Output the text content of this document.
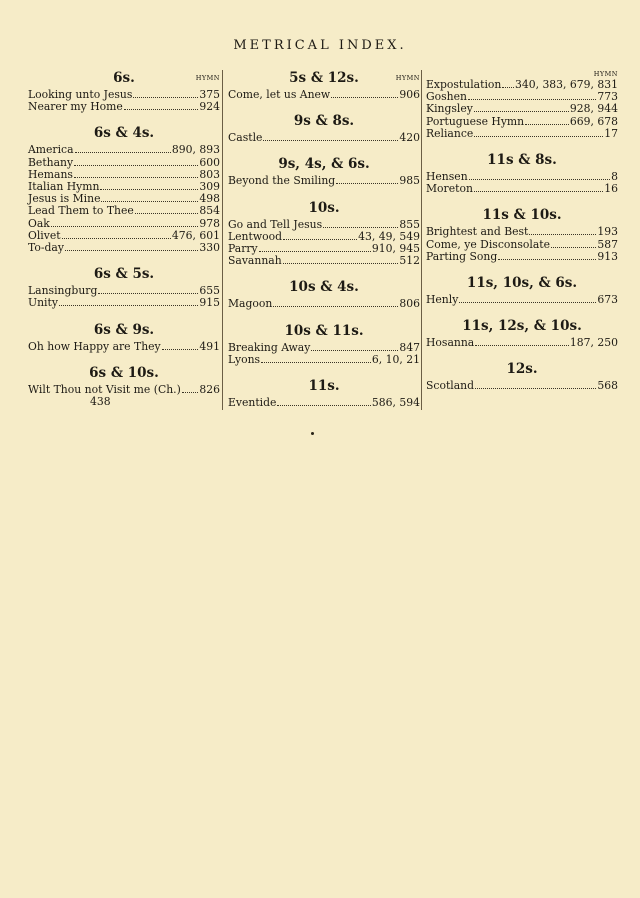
METRICAL INDEX.
6s.	HYMN
Looking unto Jesus	375
Nearer my Home	924
6s & 4s.
America	890, 893
Bethany	600
Hemans	803
Italian Hymn	309
Jesus is Mine	498
Lead Them to Thee	854
Oak	978
Olivet	476, 601
To-day	330
6s & 5s.
Lansingburg	655
Unity	915
6s & 9s.
Oh how Happy are They	491
6s & 10s.
Wilt Thou not Visit me (Ch.) 826
438
5s & 12s.	HYMN
Come, let us Anew	906
9s & 8s.
Castle	420
9s, 4s, & 6s.
Beyond the Smiling	985
10s.
Go and Tell Jesus	855
Lentwood	43, 49, 549
Parry	910, 945
Savannah	512
10s & 4s.
Magoon	806
10s & 11s.
Breaking Away	847
Lyons	6, 10, 21
11s.
Eventide	586, 594
HYMN
Expostulation 340, 383, 679, 831
Goshen	773
Kingsley	928, 944
Portuguese Hymn	669, 678
Reliance	17
11s & 8s.
Hensen	8
Moreton	16
11s & 10s.
Brightest and Best	193
Come, ye Disconsolate	587
Parting Song	913
11s, 10s, & 6s.
Henly	673
11s, 12s, & 10s.
Hosanna	187, 250
12s.
Scotland	568
